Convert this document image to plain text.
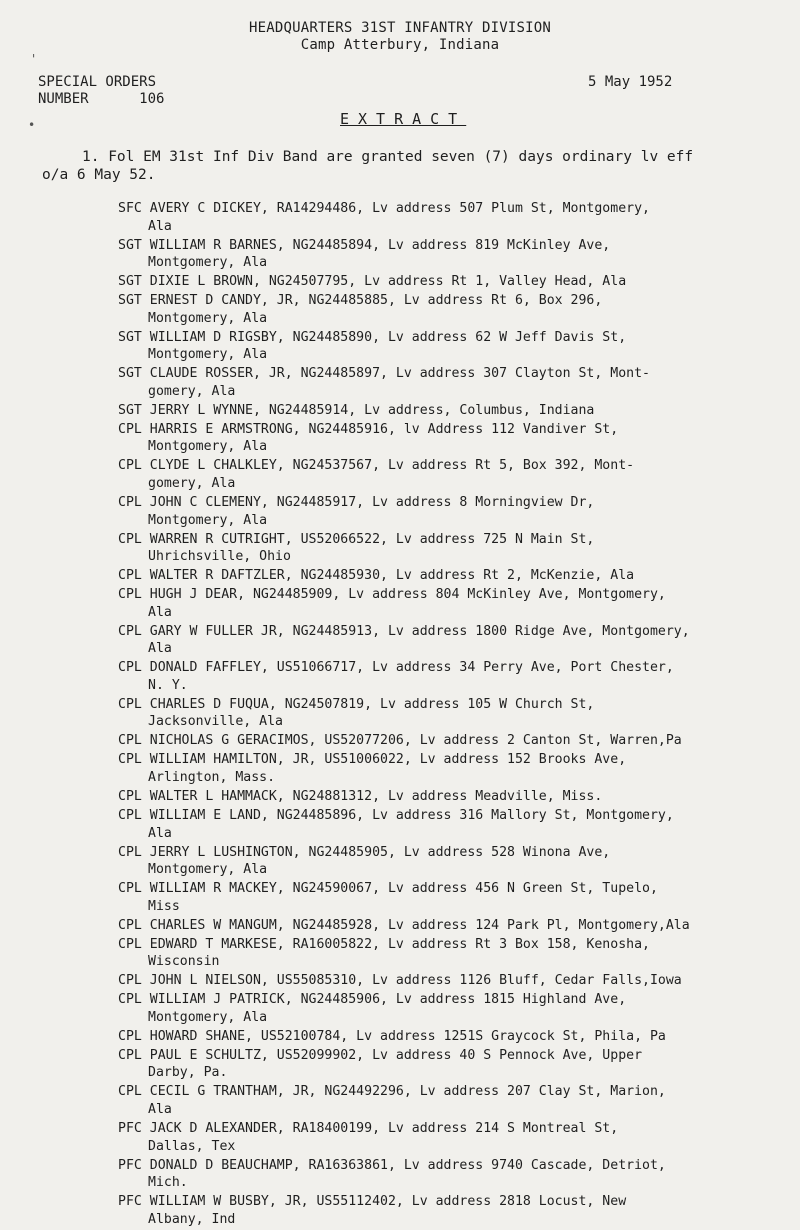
HEADQUARTERS 31ST INFANTRY DIVISION
Camp Atterbury, Indiana
SPECIAL ORDERS
NUMBER      106
5 May 1952
EXTRACT
1. Fol EM 31st Inf Div Band are granted seven (7) days ordinary lv eff
o/a 6 May 52.
SFC AVERY C DICKEY, RA14294486, Lv address 507 Plum St, Montgomery,
Ala
SGT WILLIAM R BARNES, NG24485894, Lv address 819 McKinley Ave,
Montgomery, Ala
SGT DIXIE L BROWN, NG24507795, Lv address Rt 1, Valley Head, Ala
SGT ERNEST D CANDY, JR, NG24485885, Lv address Rt 6, Box 296,
Montgomery, Ala
SGT WILLIAM D RIGSBY, NG24485890, Lv address 62 W Jeff Davis St,
Montgomery, Ala
SGT CLAUDE ROSSER, JR, NG24485897, Lv address 307 Clayton St, Mont-
gomery, Ala
SGT JERRY L WYNNE, NG24485914, Lv address, Columbus, Indiana
CPL HARRIS E ARMSTRONG, NG24485916, lv Address 112 Vandiver St,
Montgomery, Ala
CPL CLYDE L CHALKLEY, NG24537567, Lv address Rt 5, Box 392, Mont-
gomery, Ala
CPL JOHN C CLEMENY, NG24485917, Lv address 8 Morningview Dr,
Montgomery, Ala
CPL WARREN R CUTRIGHT, US52066522, Lv address 725 N Main St,
Uhrichsville, Ohio
CPL WALTER R DAFTZLER, NG24485930, Lv address Rt 2, McKenzie, Ala
CPL HUGH J DEAR, NG24485909, Lv address 804 McKinley Ave, Montgomery,
Ala
CPL GARY W FULLER JR, NG24485913, Lv address 1800 Ridge Ave, Montgomery,
Ala
CPL DONALD FAFFLEY, US51066717, Lv address 34 Perry Ave, Port Chester,
N. Y.
CPL CHARLES D FUQUA, NG24507819, Lv address 105 W Church St,
Jacksonville, Ala
CPL NICHOLAS G GERACIMOS, US52077206, Lv address 2 Canton St, Warren,Pa
CPL WILLIAM HAMILTON, JR, US51006022, Lv address 152 Brooks Ave,
Arlington, Mass.
CPL WALTER L HAMMACK, NG24881312, Lv address Meadville, Miss.
CPL WILLIAM E LAND, NG24485896, Lv address 316 Mallory St, Montgomery,
Ala
CPL JERRY L LUSHINGTON, NG24485905, Lv address 528 Winona Ave,
Montgomery, Ala
CPL WILLIAM R MACKEY, NG24590067, Lv address 456 N Green St, Tupelo,
Miss
CPL CHARLES W MANGUM, NG24485928, Lv address 124 Park Pl, Montgomery,Ala
CPL EDWARD T MARKESE, RA16005822, Lv address Rt 3 Box 158, Kenosha,
Wisconsin
CPL JOHN L NIELSON, US55085310, Lv address 1126 Bluff, Cedar Falls,Iowa
CPL WILLIAM J PATRICK, NG24485906, Lv address 1815 Highland Ave,
Montgomery, Ala
CPL HOWARD SHANE, US52100784, Lv address 1251S Graycock St, Phila, Pa
CPL PAUL E SCHULTZ, US52099902, Lv address 40 S Pennock Ave, Upper
Darby, Pa.
CPL CECIL G TRANTHAM, JR, NG24492296, Lv address 207 Clay St, Marion,
Ala
PFC JACK D ALEXANDER, RA18400199, Lv address 214 S Montreal St,
Dallas, Tex
PFC DONALD D BEAUCHAMP, RA16363861, Lv address 9740 Cascade, Detriot,
Mich.
PFC WILLIAM W BUSBY, JR, US55112402, Lv address 2818 Locust, New
Albany, Ind
'
•
